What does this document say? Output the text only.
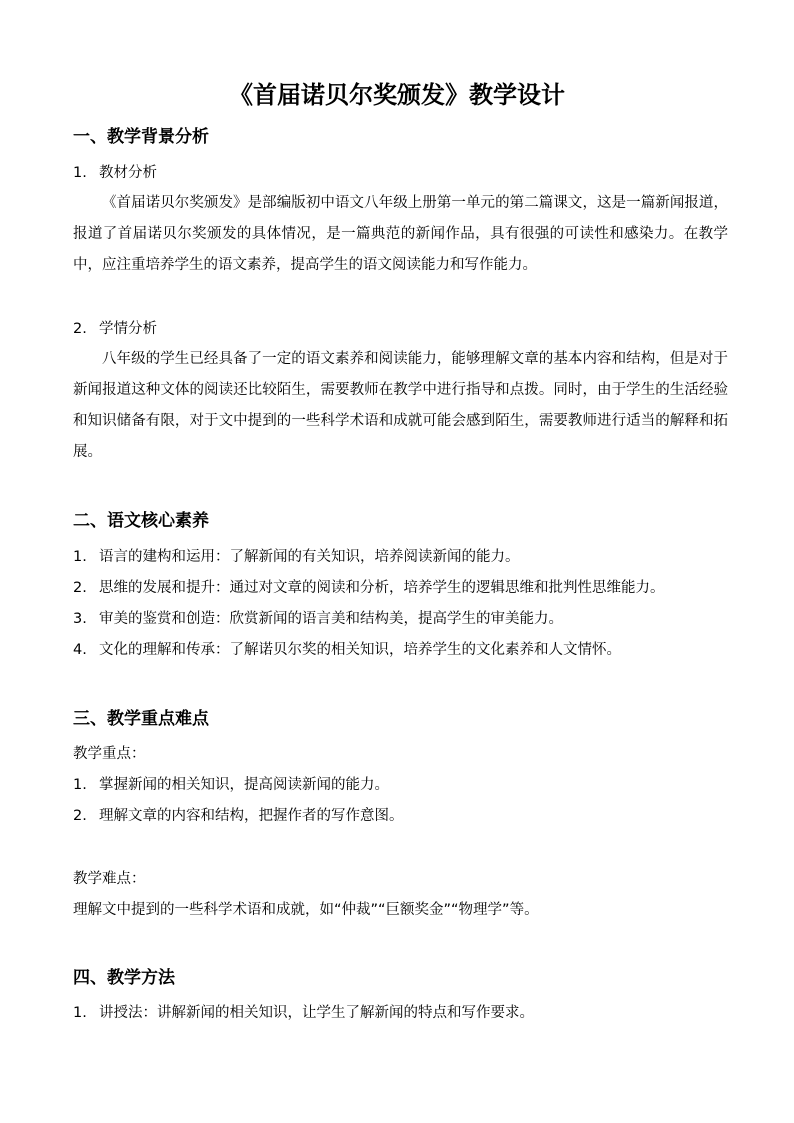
《首届诺贝尔奖颁发》教学设计
一、教学背景分析
1. 教材分析
《首届诺贝尔奖颁发》是部编版初中语文八年级上册第一单元的第二篇课文，这是一篇新闻报道，报道了首届诺贝尔奖颁发的具体情况，是一篇典范的新闻作品，具有很强的可读性和感染力。在教学中，应注重培养学生的语文素养，提高学生的语文阅读能力和写作能力。
2. 学情分析
八年级的学生已经具备了一定的语文素养和阅读能力，能够理解文章的基本内容和结构，但是对于新闻报道这种文体的阅读还比较陌生，需要教师在教学中进行指导和点拨。同时，由于学生的生活经验和知识储备有限，对于文中提到的一些科学术语和成就可能会感到陌生，需要教师进行适当的解释和拓展。
二、语文核心素养
1. 语言的建构和运用：了解新闻的有关知识，培养阅读新闻的能力。
2. 思维的发展和提升：通过对文章的阅读和分析，培养学生的逻辑思维和批判性思维能力。
3. 审美的鉴赏和创造：欣赏新闻的语言美和结构美，提高学生的审美能力。
4. 文化的理解和传承：了解诺贝尔奖的相关知识，培养学生的文化素养和人文情怀。
三、教学重点难点
教学重点：
1. 掌握新闻的相关知识，提高阅读新闻的能力。
2. 理解文章的内容和结构，把握作者的写作意图。
教学难点：
理解文中提到的一些科学术语和成就，如“仲裁”“巨额奖金”“物理学”等。
四、教学方法
1. 讲授法：讲解新闻的相关知识，让学生了解新闻的特点和写作要求。
